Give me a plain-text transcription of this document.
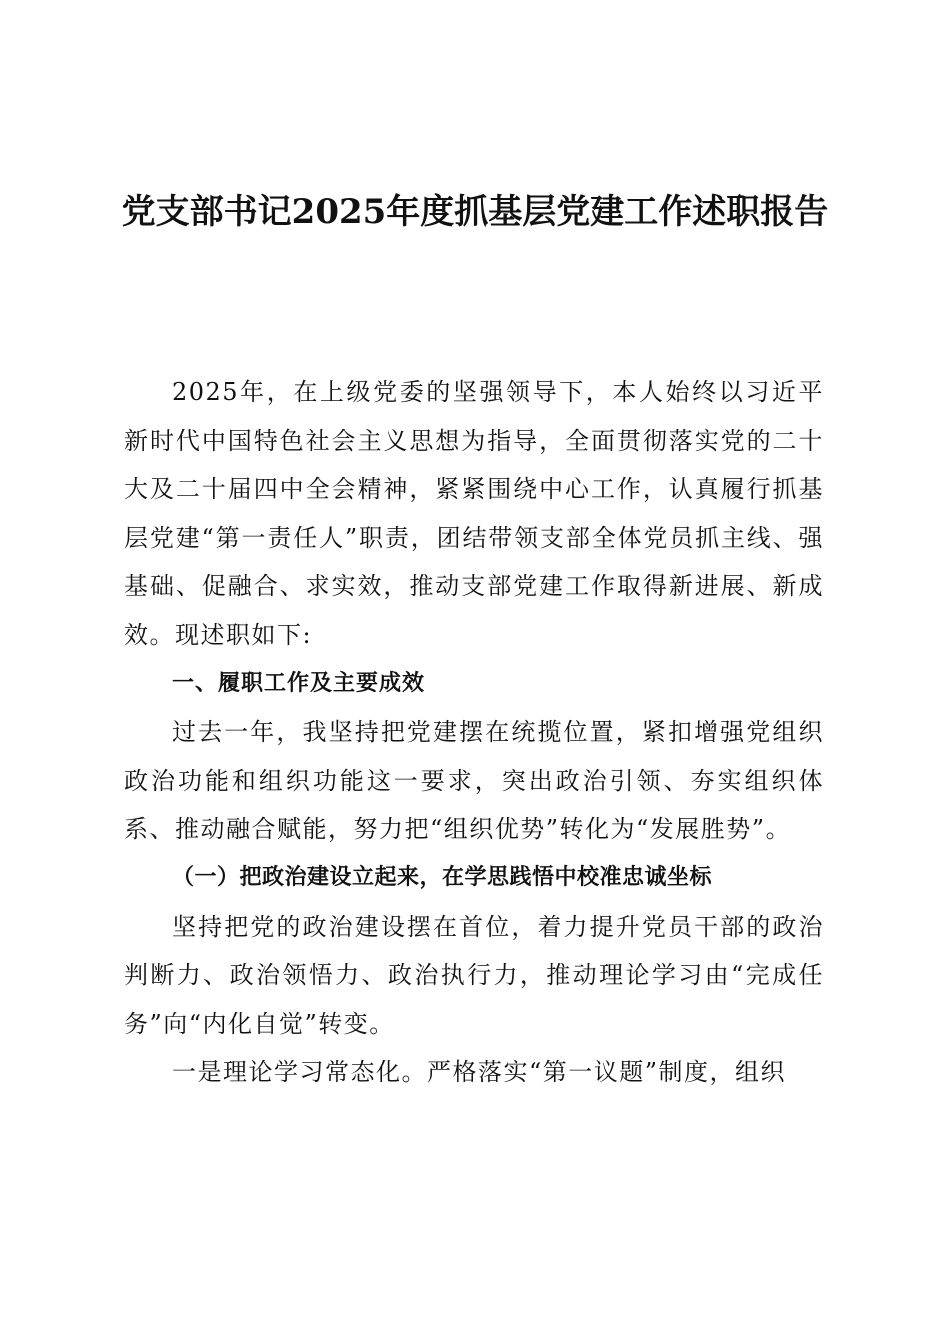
党支部书记2025年度抓基层党建工作述职报告

2025年，在上级党委的坚强领导下，本人始终以习近平新时代中国特色社会主义思想为指导，全面贯彻落实党的二十大及二十届四中全会精神，紧紧围绕中心工作，认真履行抓基层党建“第一责任人”职责，团结带领支部全体党员抓主线、强基础、促融合、求实效，推动支部党建工作取得新进展、新成效。现述职如下:

一、履职工作及主要成效

过去一年，我坚持把党建摆在统揽位置，紧扣增强党组织政治功能和组织功能这一要求，突出政治引领、夯实组织体系、推动融合赋能，努力把“组织优势”转化为“发展胜势”。

（一）把政治建设立起来，在学思践悟中校准忠诚坐标

坚持把党的政治建设摆在首位，着力提升党员干部的政治判断力、政治领悟力、政治执行力，推动理论学习由“完成任务”向“内化自觉”转变。

一是理论学习常态化。严格落实“第一议题”制度，组织
